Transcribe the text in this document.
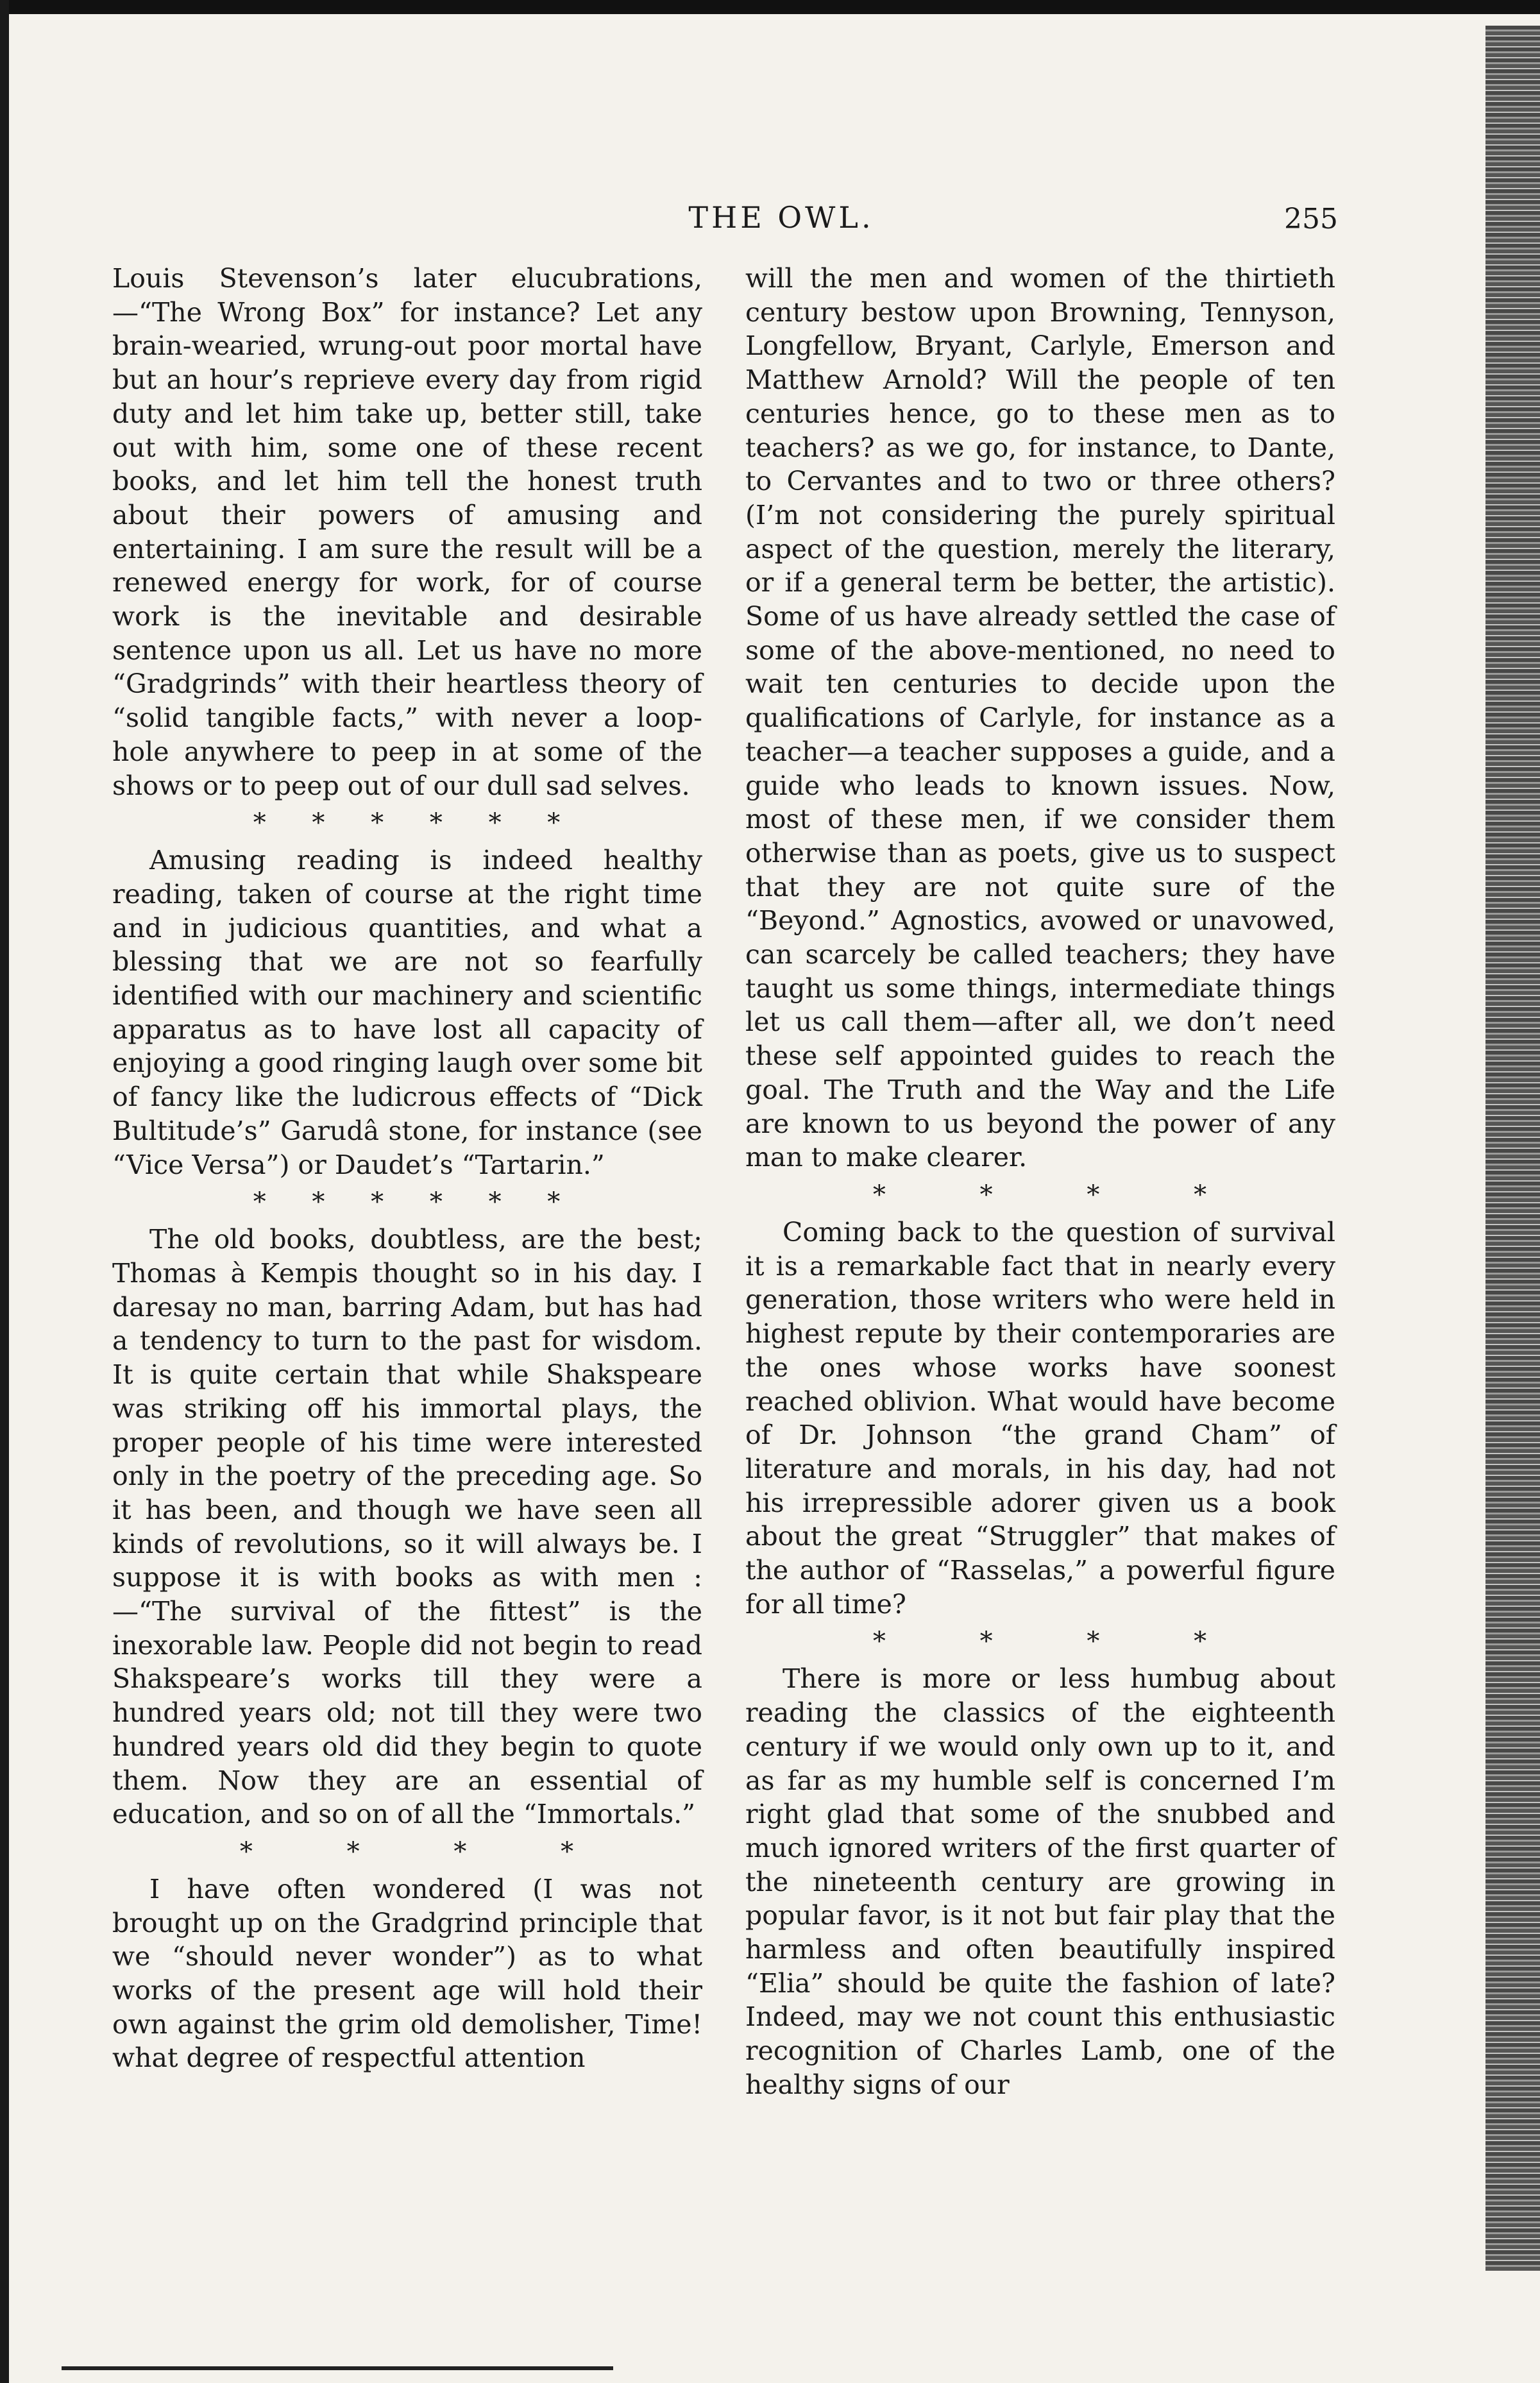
THE OWL.	255

Louis Stevenson’s later elucubrations, —“The Wrong Box” for instance? Let any brain-wearied, wrung-out poor mortal have but an hour’s reprieve every day from rigid duty and let him take up, better still, take out with him, some one of these recent books, and let him tell the honest truth about their powers of amusing and entertaining. I am sure the result will be a renewed energy for work, for of course work is the inevitable and desirable sentence upon us all. Let us have no more “Gradgrinds” with their heartless theory of “solid tangible facts,” with never a loop-hole anywhere to peep in at some of the shows or to peep out of our dull sad selves.

* * * * * *

Amusing reading is indeed healthy reading, taken of course at the right time and in judicious quantities, and what a blessing that we are not so fearfully identified with our machinery and scientific apparatus as to have lost all capacity of enjoying a good ringing laugh over some bit of fancy like the ludicrous effects of “Dick Bultitude’s” Garudâ stone, for instance (see “Vice Versa”) or Daudet’s “Tartarin.”

* * * * * *

The old books, doubtless, are the best; Thomas à Kempis thought so in his day. I daresay no man, barring Adam, but has had a tendency to turn to the past for wisdom. It is quite certain that while Shakspeare was striking off his immortal plays, the proper people of his time were interested only in the poetry of the preceding age. So it has been, and though we have seen all kinds of revolutions, so it will always be. I suppose it is with books as with men :—“The survival of the fittest” is the inexorable law. People did not begin to read Shakspeare’s works till they were a hundred years old; not till they were two hundred years old did they begin to quote them. Now they are an essential of education, and so on of all the “Immortals.”

* * * *

I have often wondered (I was not brought up on the Gradgrind principle that we “should never wonder”) as to what works of the present age will hold their own against the grim old demolisher, Time! what degree of respectful attention

will the men and women of the thirtieth century bestow upon Browning, Tennyson, Longfellow, Bryant, Carlyle, Emerson and Matthew Arnold? Will the people of ten centuries hence, go to these men as to teachers? as we go, for instance, to Dante, to Cervantes and to two or three others? (I’m not considering the purely spiritual aspect of the question, merely the literary, or if a general term be better, the artistic). Some of us have already settled the case of some of the above-mentioned, no need to wait ten centuries to decide upon the qualifications of Carlyle, for instance as a teacher—a teacher supposes a guide, and a guide who leads to known issues. Now, most of these men, if we consider them otherwise than as poets, give us to suspect that they are not quite sure of the “Beyond.” Agnostics, avowed or unavowed, can scarcely be called teachers; they have taught us some things, intermediate things let us call them—after all, we don’t need these self appointed guides to reach the goal. The Truth and the Way and the Life are known to us beyond the power of any man to make clearer.

* * * *

Coming back to the question of survival it is a remarkable fact that in nearly every generation, those writers who were held in highest repute by their contemporaries are the ones whose works have soonest reached oblivion. What would have become of Dr. Johnson “the grand Cham” of literature and morals, in his day, had not his irrepressible adorer given us a book about the great “Struggler” that makes of the author of “Rasselas,” a powerful figure for all time?

* * * *

There is more or less humbug about reading the classics of the eighteenth century if we would only own up to it, and as far as my humble self is concerned I’m right glad that some of the snubbed and much ignored writers of the first quarter of the nineteenth century are growing in popular favor, is it not but fair play that the harmless and often beautifully inspired “Elia” should be quite the fashion of late? Indeed, may we not count this enthusiastic recognition of Charles Lamb, one of the healthy signs of our
